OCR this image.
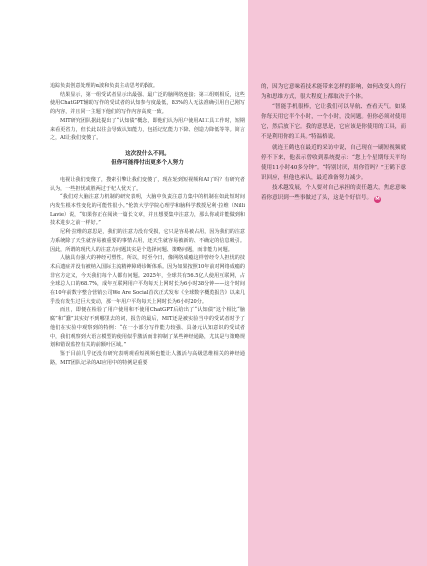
追踪负责创意处理的α波和负责主动思考的β波。

结果显示，第一组受试者显示出最强、最广泛的脑网络连接；第三组则相反，这些使用ChatGPT辅助写作的受试者的认知参与度最低，83%的人无法准确引用自己刚写的内容，并且同一主题下他们的写作内容高度一致。

MIT研究团队据此提出了“认知债”概念，即他们认为用户使用AI工具工作时，短期来看更省力，但长此以往会导致认知能力，包括记忆能力下降、创造力降低等等。简言之，AI让我们变傻了。

这次没什么不同。
但你可能得付出更多个人努力

电视让我们变傻了，搜索引擎让我们变傻了，现在轮到短视频和AI了吗？有研究者认为，一些担忧或胜两过于杞人忧天了。

“我们对大脑注意力机制的研究表明，大脑中负责注意力集中的机制在如此短时间内发生根本性变化的可能性很小。”伦敦大学学院心理学和脑科学教授尼利·拉维（Nilli Lavie）说，“如果你正在阅读一篇长文章，并且想要集中注意力，那么你或许能做到和技术进步之前一样好。”

尼利·拉维的意思是，我们的注意力没有受损，它只是容易被占用，因为我们的注意力系统除了天生就容易被重要的事情占用，还天生就容易被新的、不确定的信息吸引。因此，所谓的现代人的注意力问题其实是个选择问题、策略问题，而非能力问题。

人脑具有强大的神经可塑性。所以，时至今日，像网络成瘾这样曾经令人担忧的技术后遗症并没有被纳入国际主流精神障碍诊断体系。因为如果按照10年前对网络成瘾的非官方定义，今天我们每个人都有问题。2025年，全球共有56.5亿人使用互联网，占全球总人口的68.7%，成年互联网用户平均每天上网时长为6小时38分钟——这个时间在10年前数字整合营销公司We Are Social首次正式发布《全球数字概览报告》以来几乎没有发生过巨大变动，那一年用户平均每天上网时长为6小时20分。

而且，即便在检验了用户使用和不使用ChatGPT后给出了“认知债”这个相比“脑腐”和“蠢”其实好不到哪里去的词，报告的最后，MIT还是被实验当中的受试者时予了他们在实验中观察到的特例：“在一小部分写作能力较强、具备元认知意识的受试者中，我们观察到大语言模型的使用似乎激活而非抑制了某些神经通路，尤其是与策略规划和错误监控有关的前额叶区域。”

鉴于目前几乎还没有研究表明观看短视频也能让人激活与高级思维相关的神经通路，MIT团队记录的AI应用中的特例是重要

的，因为它意味着技术能带来怎样的影响，如何改变人的行为和思维方式，很大程度上都取决于个体。

“智能手机很棒，它让我们可以导航、查看天气。如果你每天用它半个小时，一个小时，没问题。但你必须对使用它，然后放下它。我的意思是，它应该是你使用的工具，而不是利用你的工具。”特温格说。

就连王鹤也在最近的采访中说，自己现在一刷短视频就停不下来，他表示曾收到系统提示：“您上个星期每天平均使用11小时40多分钟”。“特别讨厌，用你管吗？”王鹤下意识回应，但他也承认，最近准备努力减少。

技术越发展，个人要对自己承担的责任越大，焦虑意味着你意识到一些事做过了头，这是个好信号。 M
